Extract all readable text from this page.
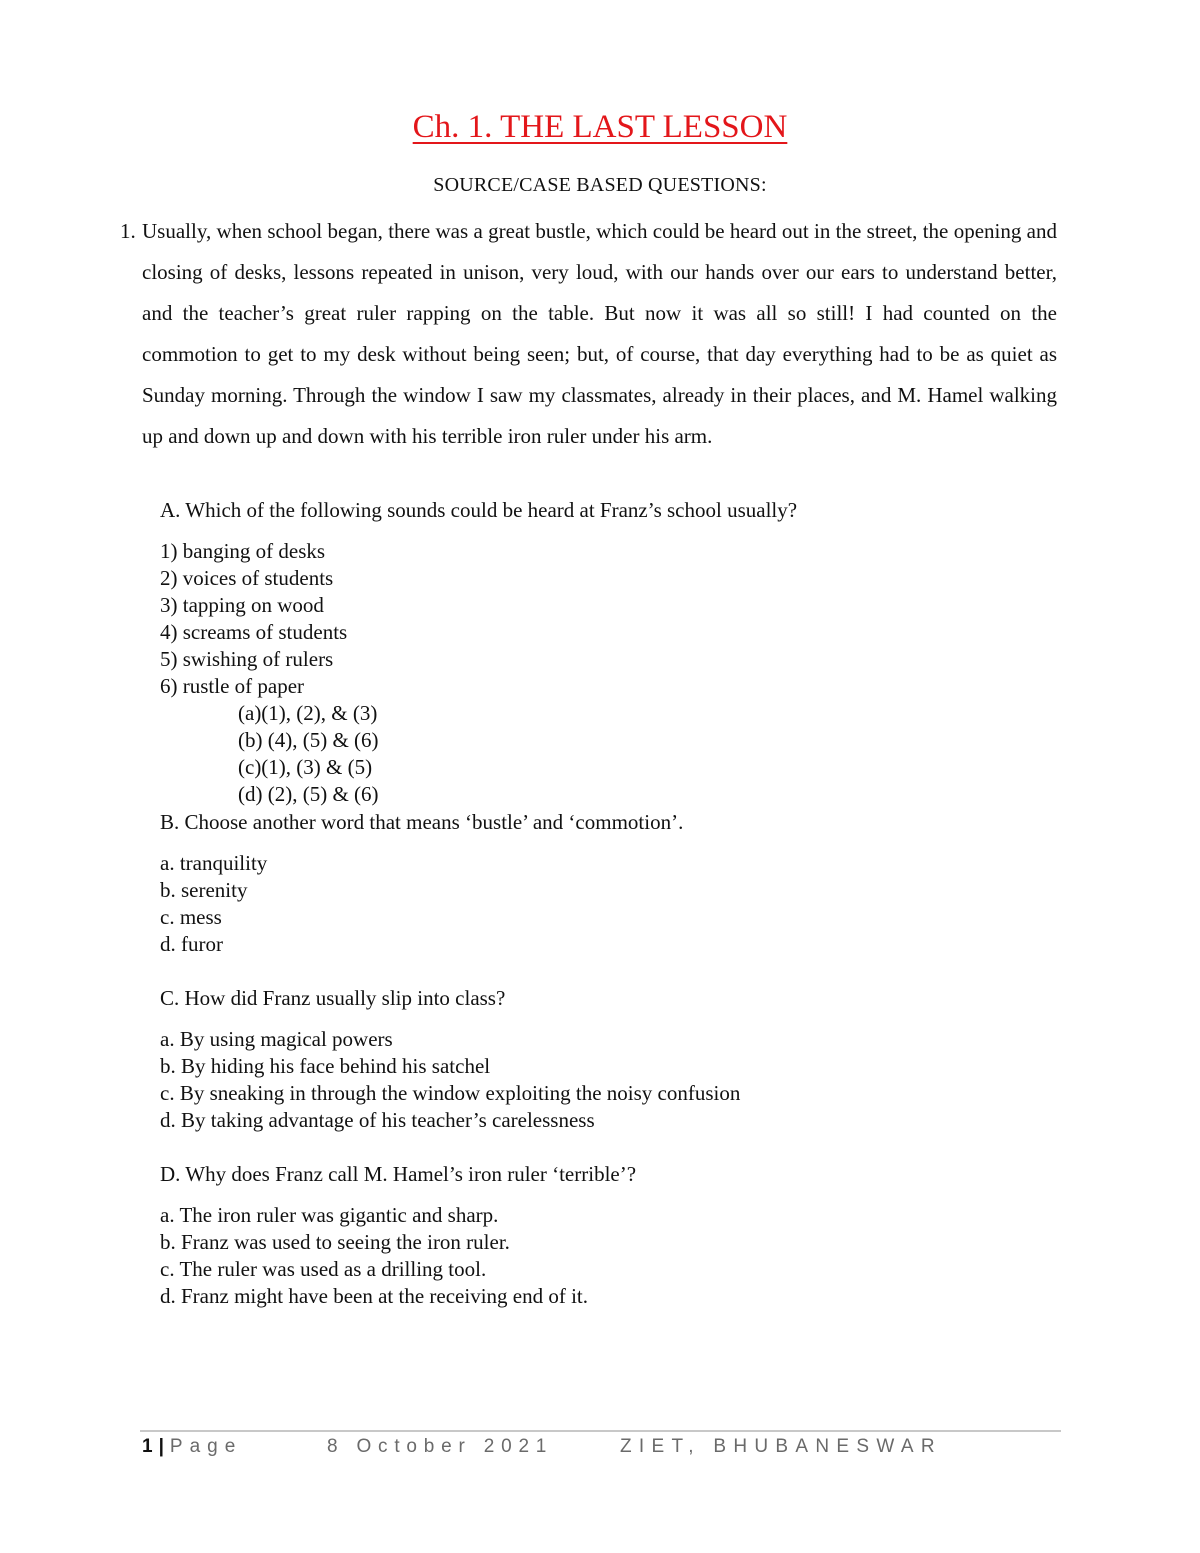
Ch. 1. THE LAST LESSON
SOURCE/CASE BASED QUESTIONS:
1. Usually, when school began, there was a great bustle, which could be heard out in the street, the opening and closing of desks, lessons repeated in unison, very loud, with our hands over our ears to understand better, and the teacher’s great ruler rapping on the table. But now it was all so still! I had counted on the commotion to get to my desk without being seen; but, of course, that day everything had to be as quiet as Sunday morning. Through the window I saw my classmates, already in their places, and M. Hamel walking up and down up and down with his terrible iron ruler under his arm.

A. Which of the following sounds could be heard at Franz’s school usually?

1) banging of desks
2) voices of students
3) tapping on wood
4) screams of students
5) swishing of rulers
6) rustle of paper
(a)(1), (2), & (3)
(b) (4), (5) & (6)
(c)(1), (3) & (5)
(d) (2), (5) & (6)

B. Choose another word that means ‘bustle’ and ‘commotion’.

a. tranquility
b. serenity
c. mess
d. furor

C. How did Franz usually slip into class?

a. By using magical powers
b. By hiding his face behind his satchel
c. By sneaking in through the window exploiting the noisy confusion
d. By taking advantage of his teacher’s carelessness

D. Why does Franz call M. Hamel’s iron ruler ‘terrible’?

a. The iron ruler was gigantic and sharp.
b. Franz was used to seeing the iron ruler.
c. The ruler was used as a drilling tool.
d. Franz might have been at the receiving end of it.
1 | Page	8 October 2021	ZIET, BHUBANESWAR
